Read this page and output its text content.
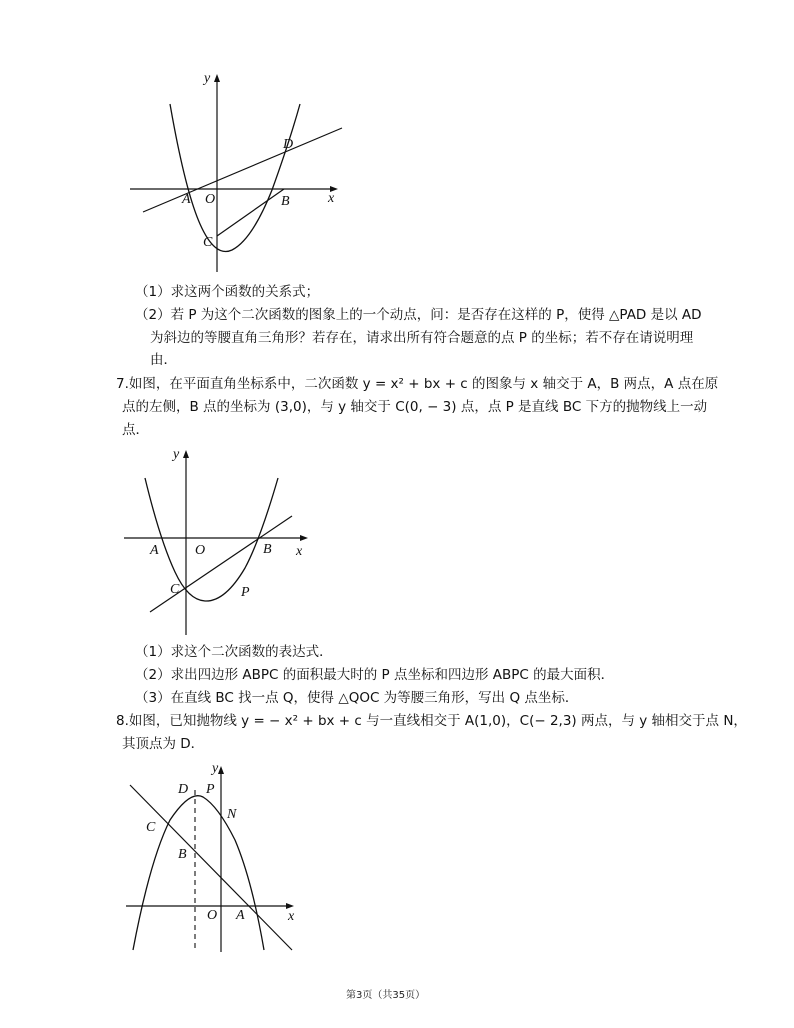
y
x
D
A O	B
C
（1）求这两个函数的关系式；
（2）若 P 为这个二次函数的图象上的一个动点，问：是否存在这样的 P，使得 △PAD 是以 AD
为斜边的等腰直角三角形？若存在，请求出所有符合题意的点 P 的坐标；若不存在请说明理
由．
7.如图，在平面直角坐标系中，二次函数 y = x² + bx + c 的图象与 x 轴交于 A，B 两点，A 点在原
点的左侧，B 点的坐标为 (3,0)，与 y 轴交于 C(0, − 3) 点，点 P 是直线 BC 下方的抛物线上一动
点．
y
x
A	O	B
C	P
（1）求这个二次函数的表达式．
（2）求出四边形 ABPC 的面积最大时的 P 点坐标和四边形 ABPC 的最大面积．
（3）在直线 BC 找一点 Q，使得 △QOC 为等腰三角形，写出 Q 点坐标．
8.如图，已知抛物线 y = − x² + bx + c 与一直线相交于 A(1,0)，C(− 2,3) 两点，与 y 轴相交于点 N，
其顶点为 D．
y
x
D P
N
C
B
O A
第3页（共35页）
